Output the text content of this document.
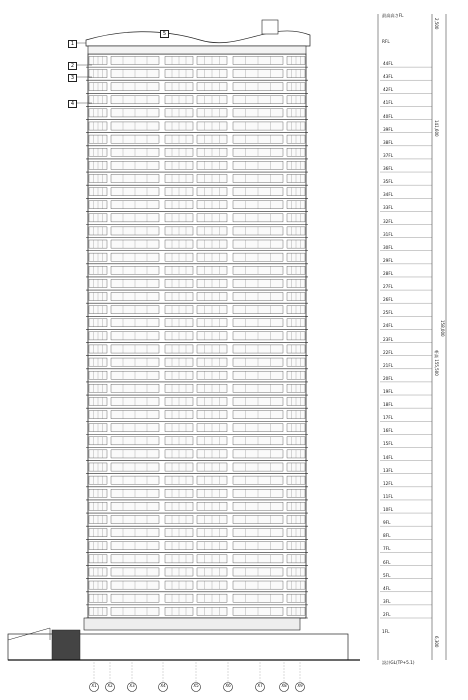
2FL
3FL
4FL
5FL
6FL
7FL
8FL
9FL
10FL
11FL
12FL
13FL
14FL
15FL
16FL
17FL
18FL
19FL
20FL
21FL
22FL
23FL
24FL
25FL
26FL
27FL
28FL
29FL
30FL
31FL
32FL
33FL
34FL
35FL
36FL
37FL
38FL
39FL
40FL
41FL
42FL
43FL
44FL
1
2
3
4
5
X1	X2	X3	X4	X5	X6	X7	X8	X9
最高高さFL
RFL
1FL
設計GL(TP+5.1)
158,000
軒高 155,500
141,600
2,500
6,300
